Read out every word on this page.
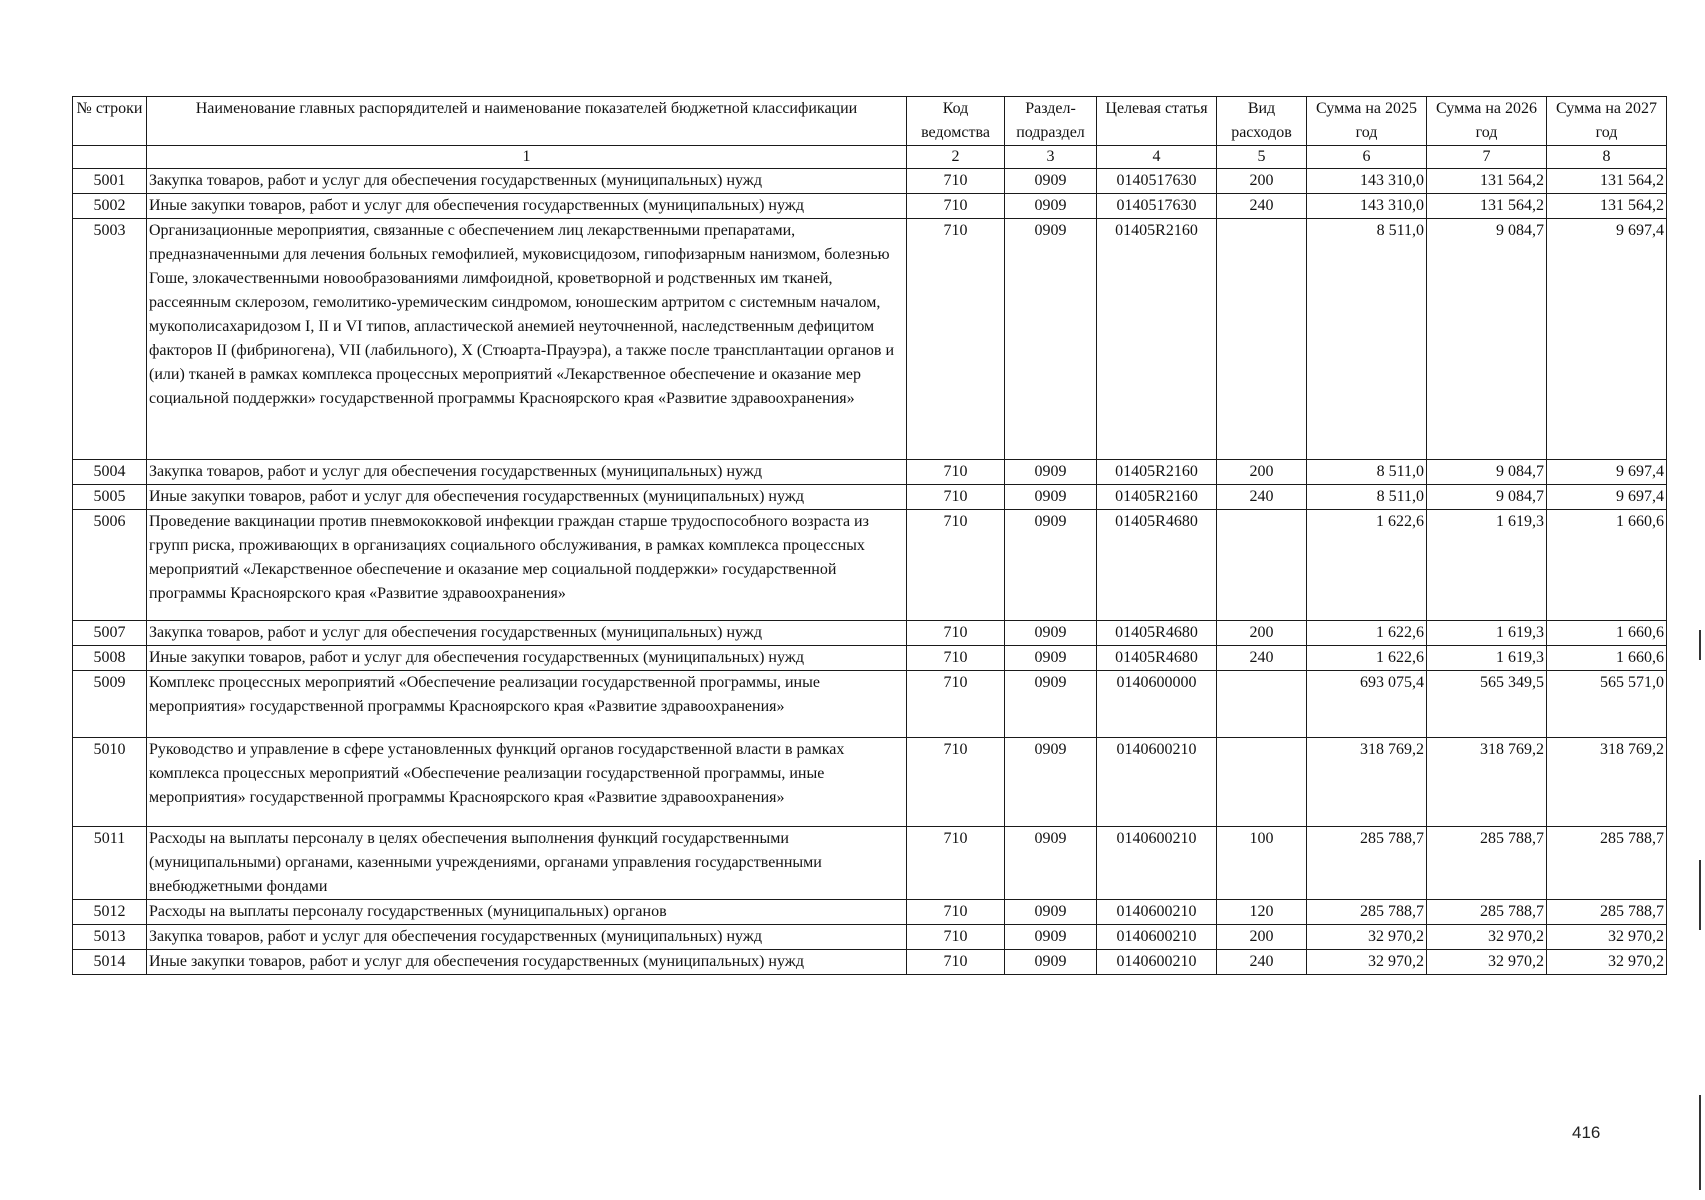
№ строки	Наименование главных распорядителей и наименование показателей бюджетной классификации	Код ведомства	Раздел-подраздел	Целевая статья	Вид расходов	Сумма на 2025 год	Сумма на 2026 год	Сумма на 2027 год
	1	2	3	4	5	6	7	8
5001	Закупка товаров, работ и услуг для обеспечения государственных (муниципальных) нужд	710	0909	0140517630	200	143 310,0	131 564,2	131 564,2
5002	Иные закупки товаров, работ и услуг для обеспечения государственных (муниципальных) нужд	710	0909	0140517630	240	143 310,0	131 564,2	131 564,2
5003	Организационные мероприятия, связанные с обеспечением лиц лекарственными препаратами, предназначенными для лечения больных гемофилией, муковисцидозом, гипофизарным нанизмом, болезнью Гоше, злокачественными новообразованиями лимфоидной, кроветворной и родственных им тканей, рассеянным склерозом, гемолитико-уремическим синдромом, юношеским артритом с системным началом, мукополисахаридозом I, II и VI типов, апластической анемией неуточненной, наследственным дефицитом факторов II (фибриногена), VII (лабильного), X (Стюарта-Прауэра), а также после трансплантации органов и (или) тканей в рамках комплекса процессных мероприятий «Лекарственное обеспечение и оказание мер социальной поддержки» государственной программы Красноярского края «Развитие здравоохранения»	710	0909	01405R2160		8 511,0	9 084,7	9 697,4
5004	Закупка товаров, работ и услуг для обеспечения государственных (муниципальных) нужд	710	0909	01405R2160	200	8 511,0	9 084,7	9 697,4
5005	Иные закупки товаров, работ и услуг для обеспечения государственных (муниципальных) нужд	710	0909	01405R2160	240	8 511,0	9 084,7	9 697,4
5006	Проведение вакцинации против пневмококковой инфекции граждан старше трудоспособного возраста из групп риска, проживающих в организациях социального обслуживания, в рамках комплекса процессных мероприятий «Лекарственное обеспечение и оказание мер социальной поддержки» государственной программы Красноярского края «Развитие здравоохранения»	710	0909	01405R4680		1 622,6	1 619,3	1 660,6
5007	Закупка товаров, работ и услуг для обеспечения государственных (муниципальных) нужд	710	0909	01405R4680	200	1 622,6	1 619,3	1 660,6
5008	Иные закупки товаров, работ и услуг для обеспечения государственных (муниципальных) нужд	710	0909	01405R4680	240	1 622,6	1 619,3	1 660,6
5009	Комплекс процессных мероприятий «Обеспечение реализации государственной программы, иные мероприятия» государственной программы Красноярского края «Развитие здравоохранения»	710	0909	0140600000		693 075,4	565 349,5	565 571,0
5010	Руководство и управление в сфере установленных функций органов государственной власти в рамках комплекса процессных мероприятий «Обеспечение реализации государственной программы, иные мероприятия» государственной программы Красноярского края «Развитие здравоохранения»	710	0909	0140600210		318 769,2	318 769,2	318 769,2
5011	Расходы на выплаты персоналу в целях обеспечения выполнения функций государственными (муниципальными) органами, казенными учреждениями, органами управления государственными внебюджетными фондами	710	0909	0140600210	100	285 788,7	285 788,7	285 788,7
5012	Расходы на выплаты персоналу государственных (муниципальных) органов	710	0909	0140600210	120	285 788,7	285 788,7	285 788,7
5013	Закупка товаров, работ и услуг для обеспечения государственных (муниципальных) нужд	710	0909	0140600210	200	32 970,2	32 970,2	32 970,2
5014	Иные закупки товаров, работ и услуг для обеспечения государственных (муниципальных) нужд	710	0909	0140600210	240	32 970,2	32 970,2	32 970,2
416
